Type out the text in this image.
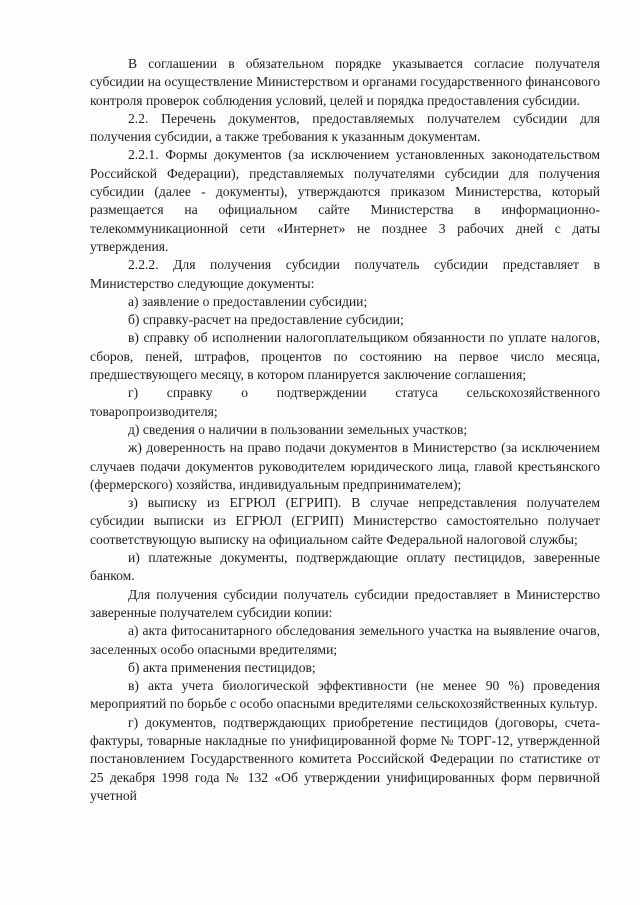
В соглашении в обязательном порядке указывается согласие получателя субсидии на осуществление Министерством и органами государственного финансового контроля проверок соблюдения условий, целей и порядка предоставления субсидии.

2.2. Перечень документов, предоставляемых получателем субсидии для получения субсидии, а также требования к указанным документам.

2.2.1. Формы документов (за исключением установленных законодательством Российской Федерации), представляемых получателями субсидии для получения субсидии (далее - документы), утверждаются приказом Министерства, который размещается на официальном сайте Министерства в информационно-телекоммуникационной сети «Интернет» не позднее 3 рабочих дней с даты утверждения.

2.2.2. Для получения субсидии получатель субсидии представляет в Министерство следующие документы:

а) заявление о предоставлении субсидии;

б) справку-расчет на предоставление субсидии;

в) справку об исполнении налогоплательщиком обязанности по уплате налогов, сборов, пеней, штрафов, процентов по состоянию на первое число месяца, предшествующего месяцу, в котором планируется заключение соглашения;

г) справку о подтверждении статуса сельскохозяйственного товаропроизводителя;

д) сведения о наличии в пользовании земельных участков;

ж) доверенность на право подачи документов в Министерство (за исключением случаев подачи документов руководителем юридического лица, главой крестьянского (фермерского) хозяйства, индивидуальным предпринимателем);

з) выписку из ЕГРЮЛ (ЕГРИП). В случае непредставления получателем субсидии выписки из ЕГРЮЛ (ЕГРИП) Министерство самостоятельно получает соответствующую выписку на официальном сайте Федеральной налоговой службы;

и) платежные документы, подтверждающие оплату пестицидов, заверенные банком.

Для получения субсидии получатель субсидии предоставляет в Министерство заверенные получателем субсидии копии:

а) акта фитосанитарного обследования земельного участка на выявление очагов, заселенных особо опасными вредителями;

б) акта применения пестицидов;

в) акта учета биологической эффективности (не менее 90 %) проведения мероприятий по борьбе с особо опасными вредителями сельскохозяйственных культур.

г) документов, подтверждающих приобретение пестицидов (договоры, счета-фактуры, товарные накладные по унифицированной форме № ТОРГ-12, утвержденной постановлением Государственного комитета Российской Федерации по статистике от 25 декабря 1998 года № 132 «Об утверждении унифицированных форм первичной учетной
